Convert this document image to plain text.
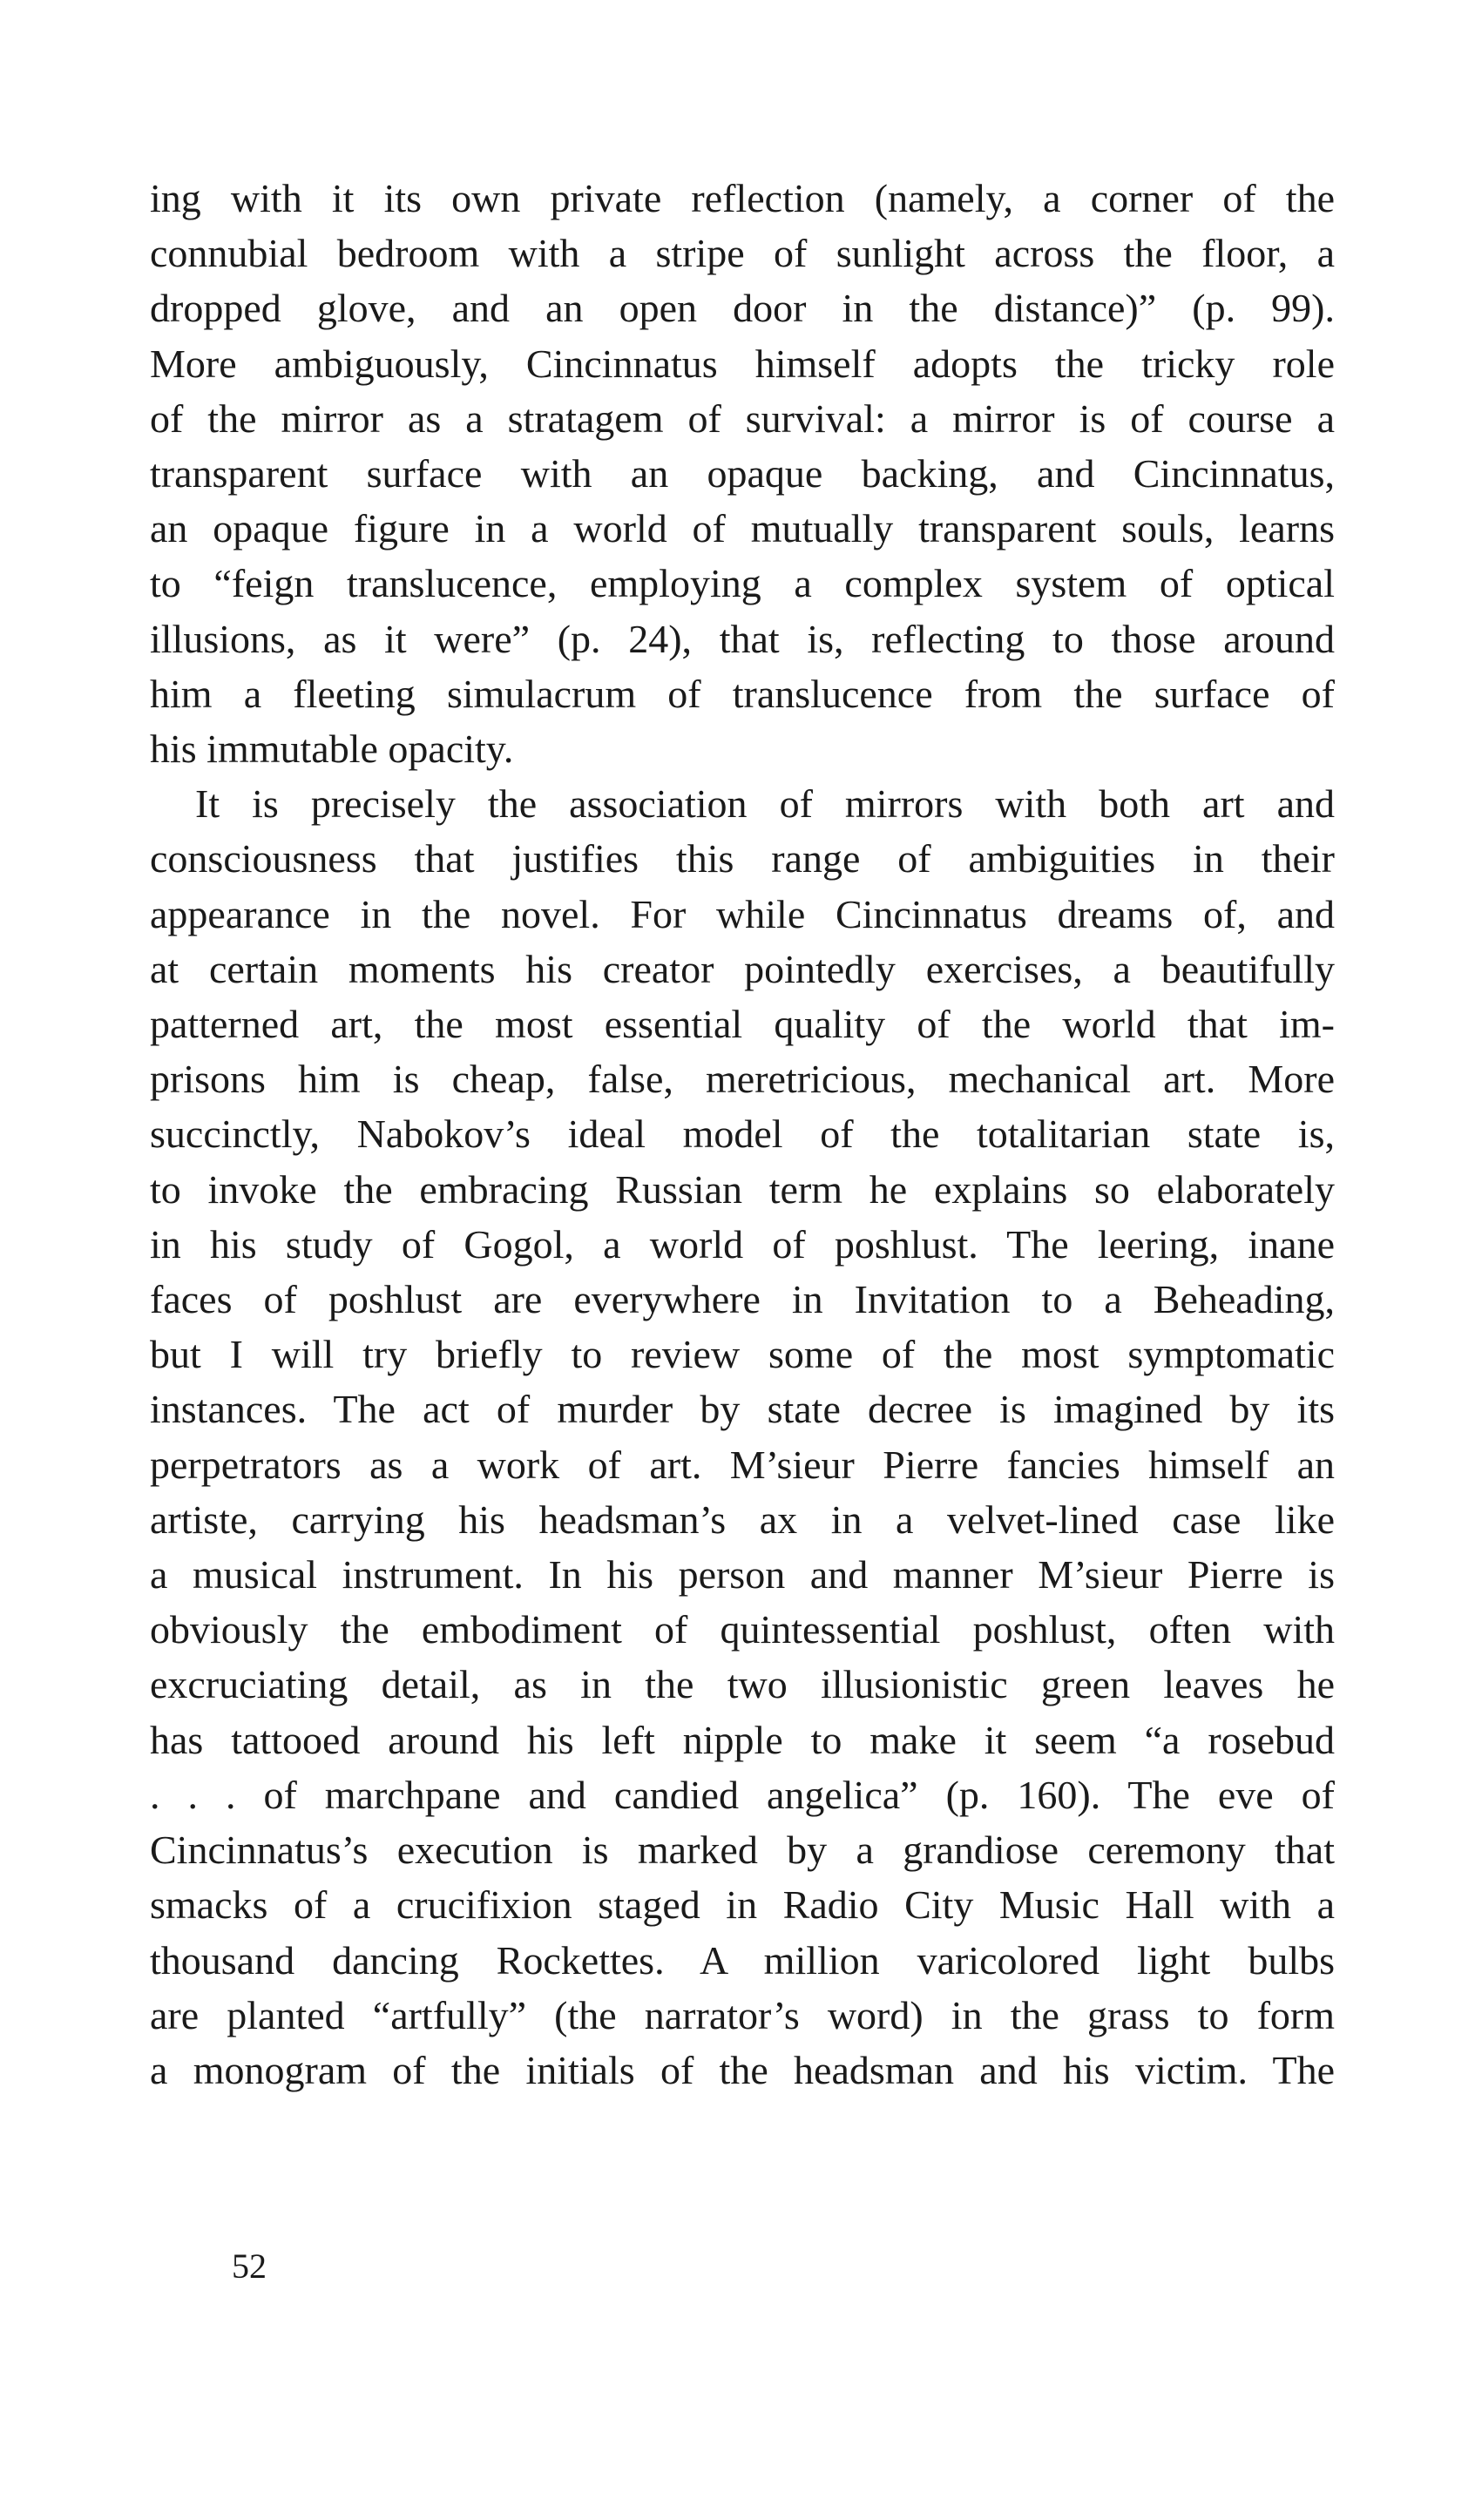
ing with it its own private reflection (namely, a corner of the
connubial bedroom with a stripe of sunlight across the floor, a
dropped glove, and an open door in the distance)” (p. 99).
More ambiguously, Cincinnatus himself adopts the tricky role
of the mirror as a stratagem of survival: a mirror is of course a
transparent surface with an opaque backing, and Cincinnatus,
an opaque figure in a world of mutually transparent souls, learns
to “feign translucence, employing a complex system of optical
illusions, as it were” (p. 24), that is, reflecting to those around
him a fleeting simulacrum of translucence from the surface of
his immutable opacity.
It is precisely the association of mirrors with both art and
consciousness that justifies this range of ambiguities in their
appearance in the novel. For while Cincinnatus dreams of, and
at certain moments his creator pointedly exercises, a beautifully
patterned art, the most essential quality of the world that im-
prisons him is cheap, false, meretricious, mechanical art. More
succinctly, Nabokov’s ideal model of the totalitarian state is,
to invoke the embracing Russian term he explains so elaborately
in his study of Gogol, a world of poshlust. The leering, inane
faces of poshlust are everywhere in Invitation to a Beheading,
but I will try briefly to review some of the most symptomatic
instances. The act of murder by state decree is imagined by its
perpetrators as a work of art. M’sieur Pierre fancies himself an
artiste, carrying his headsman’s ax in a velvet-lined case like
a musical instrument. In his person and manner M’sieur Pierre is
obviously the embodiment of quintessential poshlust, often with
excruciating detail, as in the two illusionistic green leaves he
has tattooed around his left nipple to make it seem “a rosebud
. . . of marchpane and candied angelica” (p. 160). The eve of
Cincinnatus’s execution is marked by a grandiose ceremony that
smacks of a crucifixion staged in Radio City Music Hall with a
thousand dancing Rockettes. A million varicolored light bulbs
are planted “artfully” (the narrator’s word) in the grass to form
a monogram of the initials of the headsman and his victim. The
52
